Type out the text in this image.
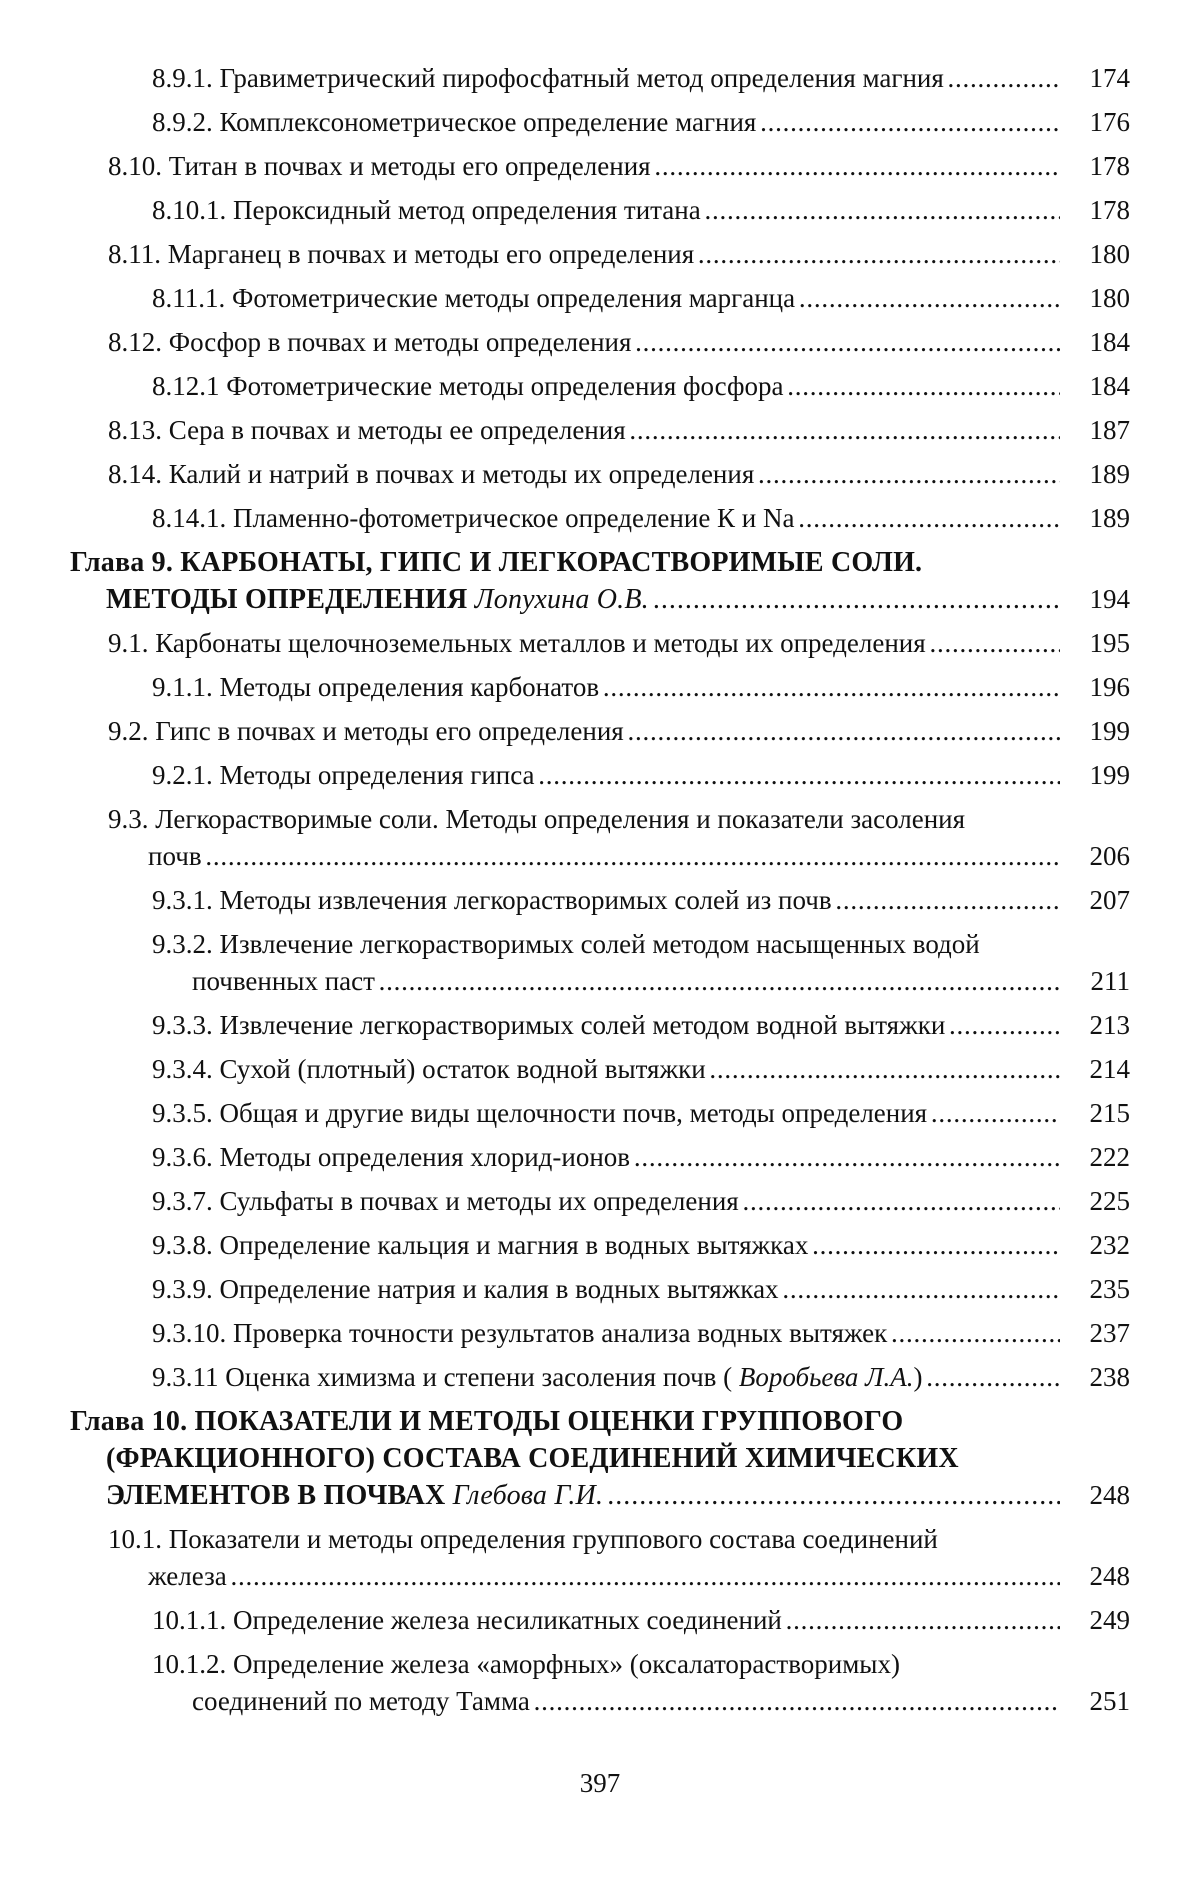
8.9.1. Гравиметрический пирофосфатный метод определения магния . . .	174
8.9.2. Комплексонометрическое определение магния . . .	176
8.10. Титан в почвах и методы его определения . . .	178
8.10.1. Пероксидный метод определения титана . . .	178
8.11. Марганец в почвах и методы его определения . . .	180
8.11.1. Фотометрические методы определения марганца . . .	180
8.12. Фосфор в почвах и методы определения . . .	184
8.12.1 Фотометрические методы определения фосфора . . .	184
8.13. Сера в почвах и методы ее определения . . .	187
8.14. Калий и натрий в почвах и методы их определения . . .	189
8.14.1. Пламенно-фотометрическое определение К и Na . . .	189
Глава 9. КАРБОНАТЫ, ГИПС И ЛЕГКОРАСТВОРИМЫЕ СОЛИ.
МЕТОДЫ ОПРЕДЕЛЕНИЯ Лопухина О.В. . . .	194
9.1. Карбонаты щелочноземельных металлов и методы их определения . . .	195
9.1.1. Методы определения карбонатов . . .	196
9.2. Гипс в почвах и методы его определения . . .	199
9.2.1. Методы определения гипса . . .	199
9.3. Легкорастворимые соли. Методы определения и показатели засоления
почв . . .	206
9.3.1. Методы извлечения легкорастворимых солей из почв . . .	207
9.3.2. Извлечение легкорастворимых солей методом насыщенных водой
почвенных паст . . .	211
9.3.3. Извлечение легкорастворимых солей методом водной вытяжки . . .	213
9.3.4. Сухой (плотный) остаток водной вытяжки . . .	214
9.3.5. Общая и другие виды щелочности почв, методы определения . . .	215
9.3.6. Методы определения хлорид-ионов . . .	222
9.3.7. Сульфаты в почвах и методы их определения . . .	225
9.3.8. Определение кальция и магния в водных вытяжках . . .	232
9.3.9. Определение натрия и калия в водных вытяжках . . .	235
9.3.10. Проверка точности результатов анализа водных вытяжек . . .	237
9.3.11 Оценка химизма и степени засоления почв ( Воробьева Л.А.) . . .	238
Глава 10. ПОКАЗАТЕЛИ И МЕТОДЫ ОЦЕНКИ ГРУППОВОГО
(ФРАКЦИОННОГО) СОСТАВА СОЕДИНЕНИЙ ХИМИЧЕСКИХ
ЭЛЕМЕНТОВ В ПОЧВАХ Глебова Г.И. . . .	248
10.1. Показатели и методы определения группового состава соединений
железа . . .	248
10.1.1. Определение железа несиликатных соединений . . .	249
10.1.2. Определение железа «аморфных» (оксалаторастворимых)
соединений по методу Тамма . . .	251
397
